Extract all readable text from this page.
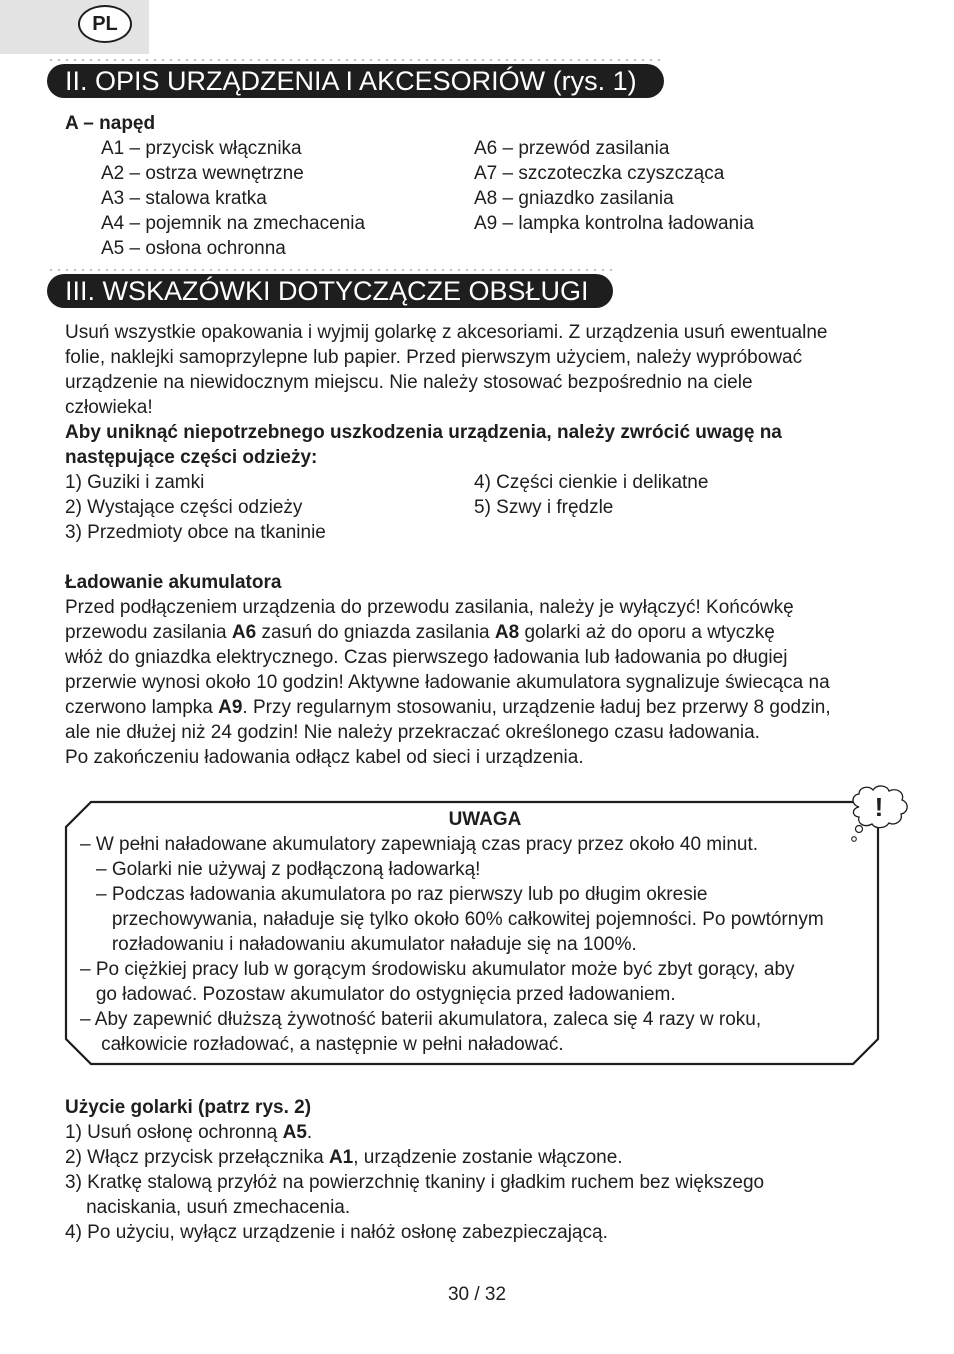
PL
II. OPIS URZĄDZENIA I AKCESORIÓW (rys. 1)
A – napęd
A1 – przycisk włącznika	A6 – przewód zasilania
A2 – ostrza wewnętrzne	A7 – szczoteczka czyszcząca
A3 – stalowa kratka	A8 – gniazdko zasilania
A4 – pojemnik na zmechacenia	A9 – lampka kontrolna ładowania
A5 – osłona ochronna
III. WSKAZÓWKI DOTYCZĄCZE OBSŁUGI
Usuń wszystkie opakowania i wyjmij golarkę z akcesoriami. Z urządzenia usuń ewentualne
folie, naklejki samoprzylepne lub papier. Przed pierwszym użyciem, należy wypróbować
urządzenie na niewidocznym miejscu. Nie należy stosować bezpośrednio na ciele
człowieka!
Aby uniknąć niepotrzebnego uszkodzenia urządzenia, należy zwrócić uwagę na
następujące części odzieży:
1) Guziki i zamki	4) Części cienkie i delikatne
2) Wystające części odzieży	5) Szwy i frędzle
3) Przedmioty obce na tkaninie
Ładowanie akumulatora
Przed podłączeniem urządzenia do przewodu zasilania, należy je wyłączyć! Końcówkę
przewodu zasilania A6 zasuń do gniazda zasilania A8 golarki aż do oporu a wtyczkę
włóż do gniazdka elektrycznego. Czas pierwszego ładowania lub ładowania po długiej
przerwie wynosi około 10 godzin! Aktywne ładowanie akumulatora sygnalizuje świecąca na
czerwono lampka A9. Przy regularnym stosowaniu, urządzenie ładuj bez przerwy 8 godzin,
ale nie dłużej niż 24 godzin! Nie należy przekraczać określonego czasu ładowania.
Po zakończeniu ładowania odłącz kabel od sieci i urządzenia.
!
UWAGA
– W pełni naładowane akumulatory zapewniają czas pracy przez około 40 minut.
– Golarki nie używaj z podłączoną ładowarką!
– Podczas ładowania akumulatora po raz pierwszy lub po długim okresie
przechowywania, naładuje się tylko około 60% całkowitej pojemności. Po powtórnym
rozładowaniu i naładowaniu akumulator naładuje się na 100%.
– Po ciężkiej pracy lub w gorącym środowisku akumulator może być zbyt gorący, aby
go ładować. Pozostaw akumulator do ostygnięcia przed ładowaniem.
– Aby zapewnić dłuższą żywotność baterii akumulatora, zaleca się 4 razy w roku,
całkowicie rozładować, a następnie w pełni naładować.
Użycie golarki (patrz rys. 2)
1) Usuń osłonę ochronną A5.
2) Włącz przycisk przełącznika A1, urządzenie zostanie włączone.
3) Kratkę stalową przyłóż na powierzchnię tkaniny i gładkim ruchem bez większego
naciskania, usuń zmechacenia.
4) Po użyciu, wyłącz urządzenie i nałóż osłonę zabezpieczającą.
30 / 32
